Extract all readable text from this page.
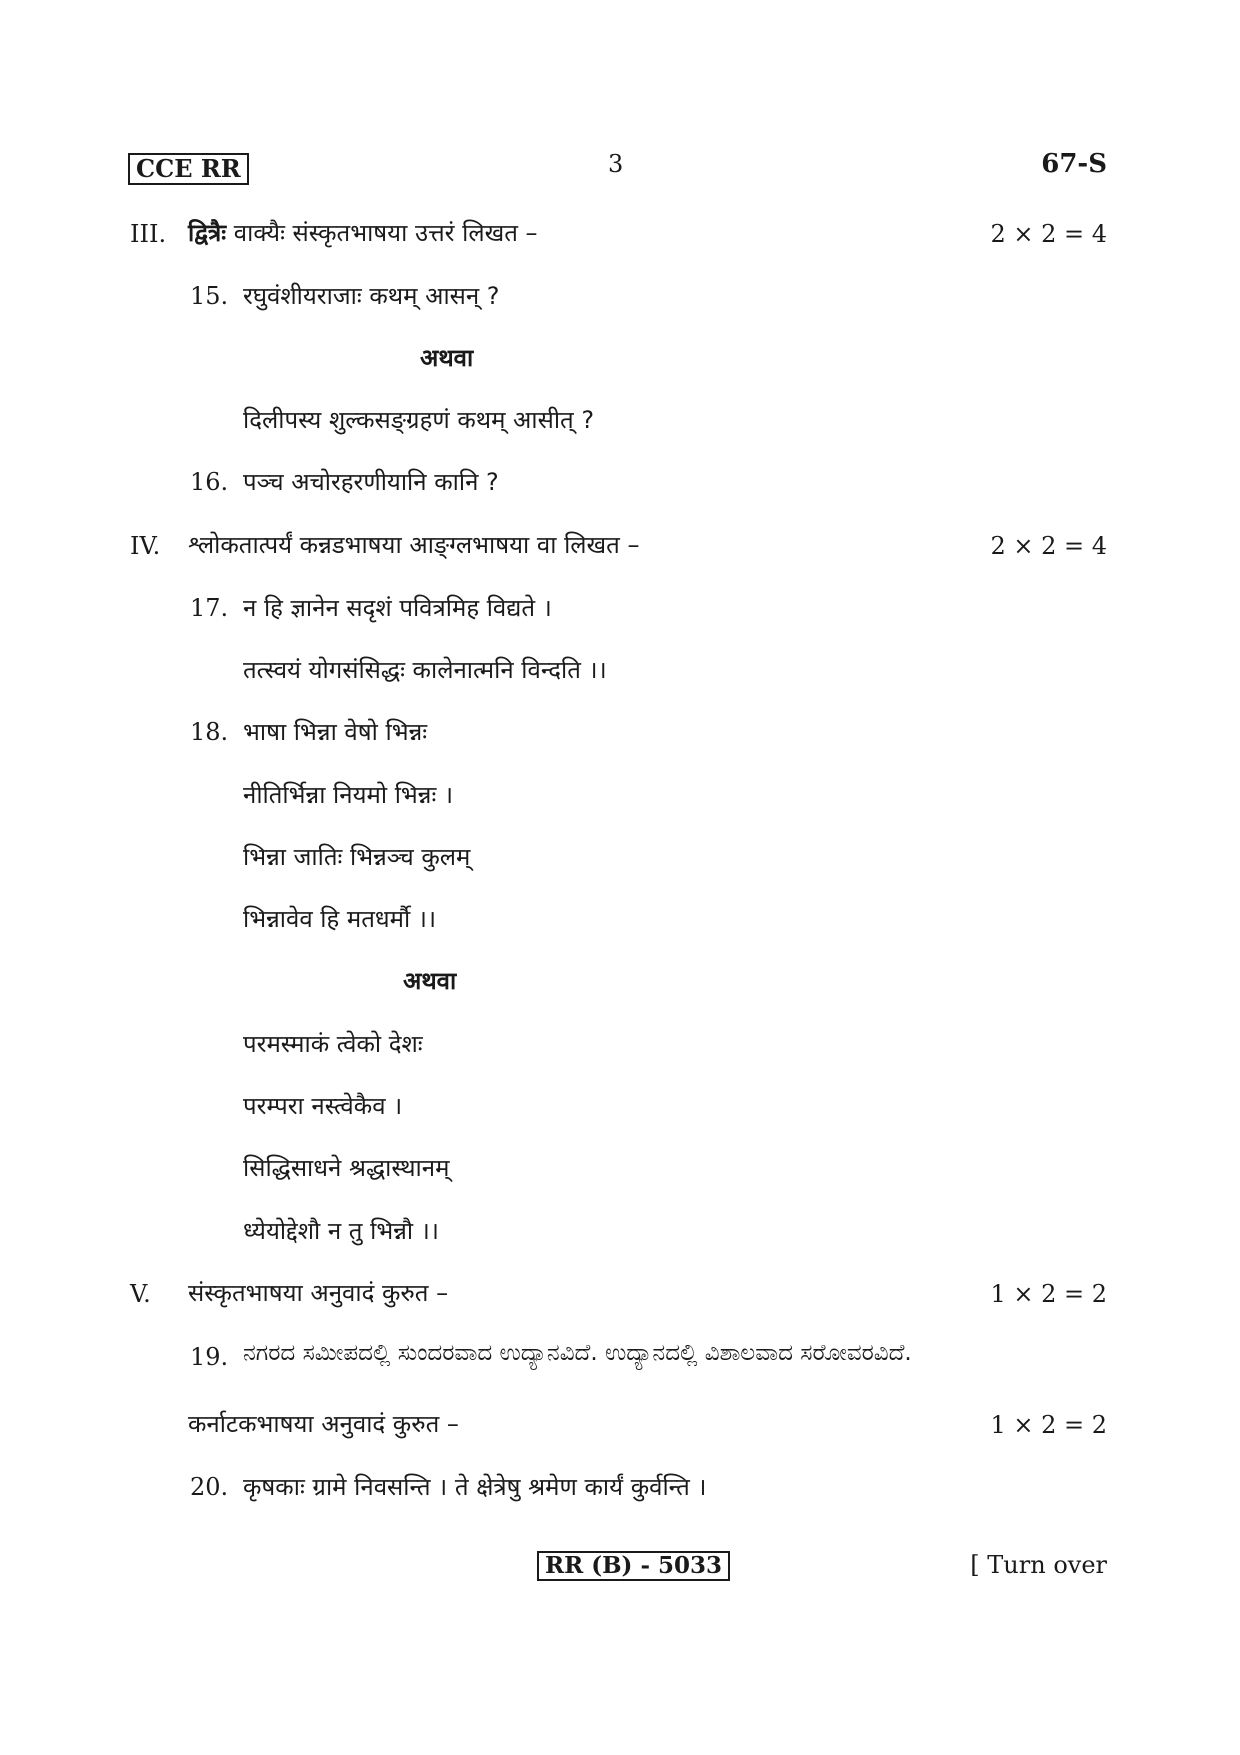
CCE RR	3	67-S
III. द्वित्रैः वाक्यैः संस्कृतभाषया उत्तरं लिखत –	2 × 2 = 4
15. रघुवंशीयराजाः कथम् आसन् ?
अथवा
दिलीपस्य शुल्कसङ्ग्रहणं कथम् आसीत् ?
16. पञ्च अचोरहरणीयानि कानि ?
IV. श्लोकतात्पर्यं कन्नडभाषया आङ्ग्लभाषया वा लिखत –	2 × 2 = 4
17. न हि ज्ञानेन सदृशं पवित्रमिह विद्यते ।
तत्स्वयं योगसंसिद्धः कालेनात्मनि विन्दति ।।
18. भाषा भिन्ना वेषो भिन्नः
नीतिर्भिन्ना नियमो भिन्नः ।
भिन्ना जातिः भिन्नञ्च कुलम्
भिन्नावेव हि मतधर्मौ ।।
अथवा
परमस्माकं त्वेको देशः
परम्परा नस्त्वेकैव ।
सिद्धिसाधने श्रद्धास्थानम्
ध्येयोद्देशौ न तु भिन्नौ ।।
V. संस्कृतभाषया अनुवादं कुरुत –	1 × 2 = 2
19. ನಗರದ ಸಮೀಪದಲ್ಲಿ ಸುಂದರವಾದ ಉದ್ಯಾನವಿದೆ. ಉದ್ಯಾನದಲ್ಲಿ ವಿಶಾಲವಾದ ಸರೋವರವಿದೆ.
कर्नाटकभाषया अनुवादं कुरुत –	1 × 2 = 2
20. कृषकाः ग्रामे निवसन्ति । ते क्षेत्रेषु श्रमेण कार्यं कुर्वन्ति ।
RR (B) - 5033	[ Turn over
